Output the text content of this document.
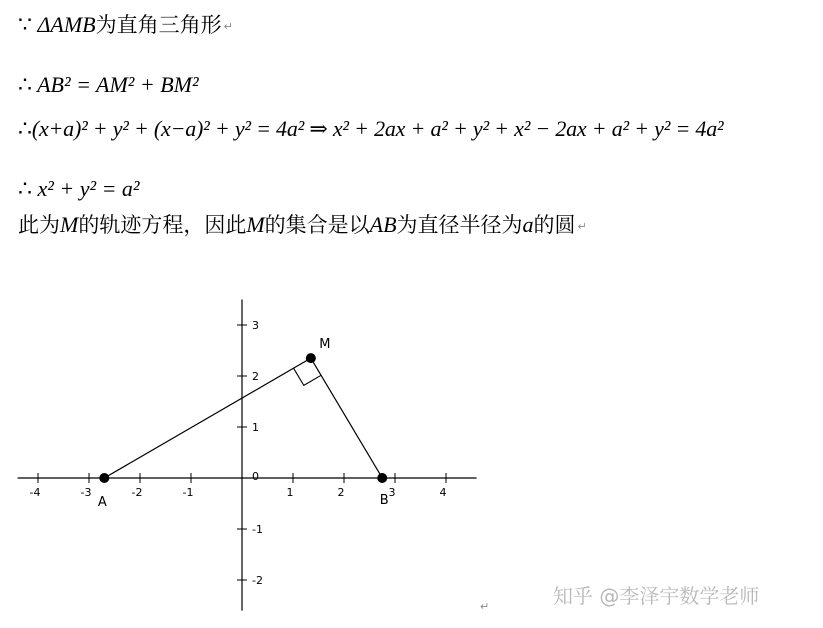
∵ ΔAMB为直角三角形 ↵
∴ AB² = AM² + BM²
∴(x+a)² + y² + (x−a)² + y² = 4a² ⇒ x² + 2ax + a² + y² + x² − 2ax + a² + y² = 4a²
∴ x² + y² = a²
此为M的轨迹方程，因此M的集合是以AB为直径半径为a的圆 ↵
-4	-3	-2	-1	1	2	3	4
3
2
1
0
-1
-2
A
M
B
知乎 @李泽宇数学老师
↵
